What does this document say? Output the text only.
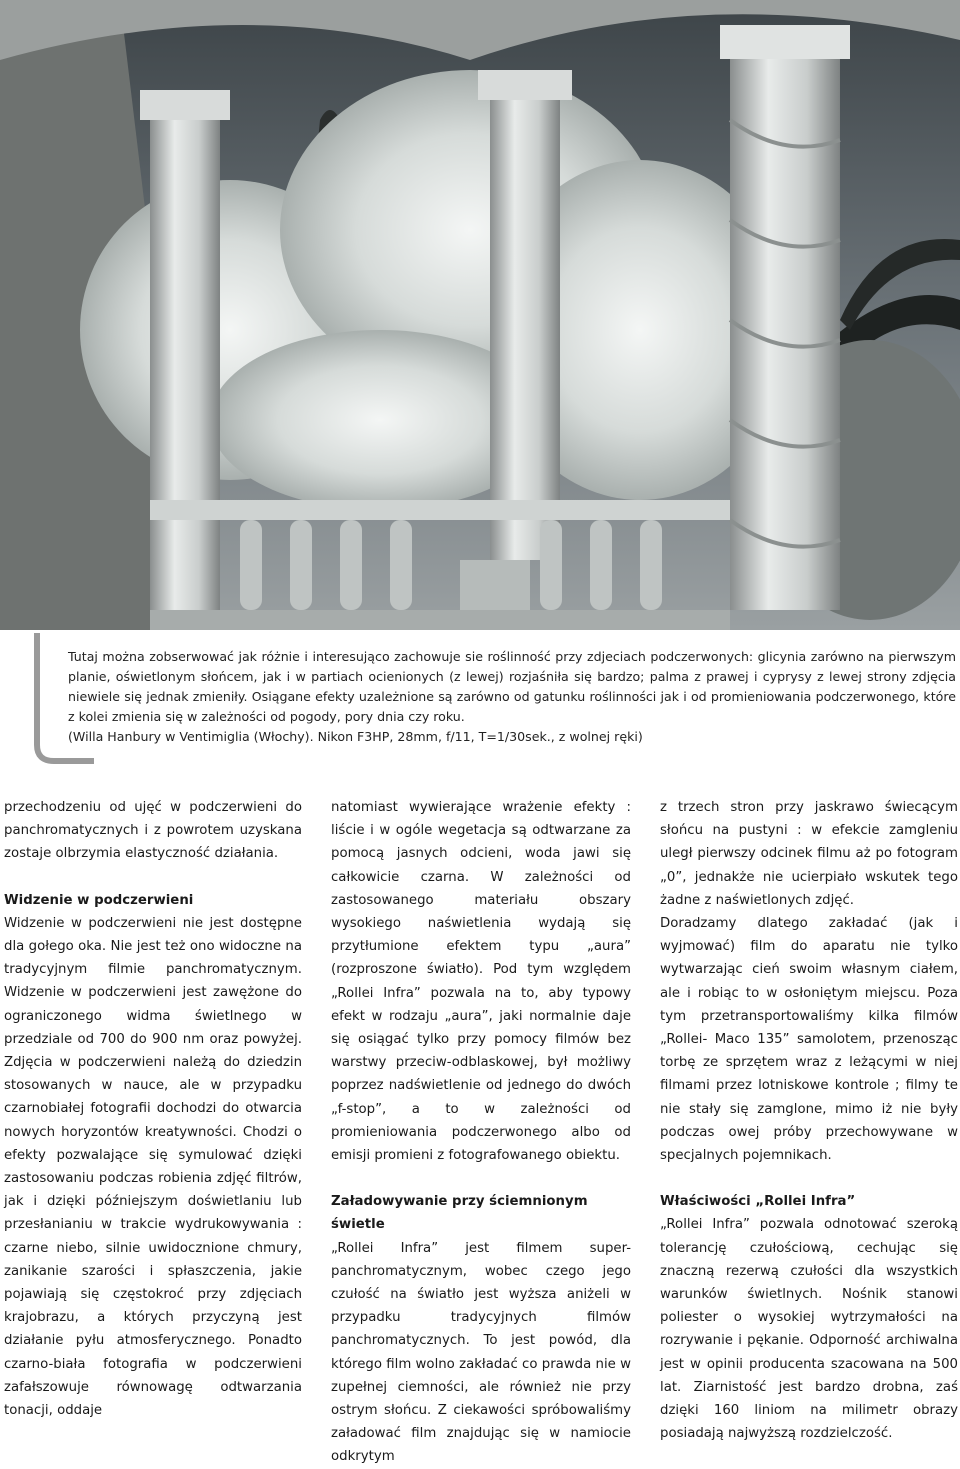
Tutaj można zobserwować jak różnie i interesująco zachowuje sie roślinność przy zdjeciach podczerwonych: glicynia zarówno na pierwszym planie, oświetlonym słońcem, jak i w partiach ocienionych (z lewej) rozjaśniła się bardzo; palma z prawej i cyprysy z lewej strony zdjęcia niewiele się jednak zmieniły. Osiągane efekty uzależnione są zarówno od gatunku roślinności jak i od promieniowania podczerwonego, które z kolei zmienia się w zależności od pogody, pory dnia czy roku.

(Willa Hanbury w Ventimiglia (Włochy). Nikon F3HP, 28mm, f/11, T=1/30sek., z wolnej ręki)

przechodzeniu od ujęć w podczerwieni do panchromatycznych i z powrotem uzyskana zostaje olbrzymia elastyczność działania.

Widzenie w podczerwieni

Widzenie w podczerwieni nie jest dostępne dla gołego oka. Nie jest też ono widoczne na tradycyjnym filmie panchromatycznym. Widzenie w podczerwieni jest zawężone do ograniczonego widma świetlnego w przedziale od 700 do 900 nm oraz powyżej. Zdjęcia w podczerwieni należą do dziedzin stosowanych w nauce, ale w przypadku czarnobiałej fotografii dochodzi do otwarcia nowych horyzontów kreatywności. Chodzi o efekty pozwalające się symulować dzięki zastosowaniu podczas robienia zdjęć filtrów, jak i dzięki późniejszym doświetlaniu lub przesłanianiu w trakcie wydrukowywania : czarne niebo, silnie uwidocznione chmury, zanikanie szarości i spłaszczenia, jakie pojawiają się częstokroć przy zdjęciach krajobrazu, a których przyczyną jest działanie pyłu atmosferycznego. Ponadto czarno-biała fotografia w podczerwieni zafałszowuje równowagę odtwarzania tonacji, oddaje

natomiast wywierające wrażenie efekty : liście i w ogóle wegetacja są odtwarzane za pomocą jasnych odcieni, woda jawi się całkowicie czarna. W zależności od zastosowanego materiału obszary wysokiego naświetlenia wydają się przytłumione efektem typu „aura” (rozproszone światło). Pod tym względem „Rollei Infra” pozwala na to, aby typowy efekt w rodzaju „aura”, jaki normalnie daje się osiągać tylko przy pomocy filmów bez warstwy przeciw-odblaskowej, był możliwy poprzez nadświetlenie od jednego do dwóch „f-stop”, a to w zależności od promieniowania podczerwonego albo od emisji promieni z fotografowanego obiektu.

Załadowywanie przy ściemnionym świetle

„Rollei Infra” jest filmem super-panchromatycznym, wobec czego jego czułość na światło jest wyższa aniżeli w przypadku tradycyjnych filmów panchromatycznych. To jest powód, dla którego film wolno zakładać co prawda nie w zupełnej ciemności, ale również nie przy ostrym słońcu. Z ciekawości spróbowaliśmy załadować film znajdując się w namiocie odkrytym

z trzech stron przy jaskrawo świecącym słońcu na pustyni : w efekcie zamgleniu uległ pierwszy odcinek filmu aż po fotogram „0”, jednakże nie ucierpiało wskutek tego żadne z naświetlonych zdjęć.

Doradzamy dlatego zakładać (jak i wyjmować) film do aparatu nie tylko wytwarzając cień swoim własnym ciałem, ale i robiąc to w osłoniętym miejscu. Poza tym przetransportowaliśmy kilka filmów „Rollei- Maco 135” samolotem, przenosząc torbę ze sprzętem wraz z leżącymi w niej filmami przez lotniskowe kontrole ; filmy te nie stały się zamglone, mimo iż nie były podczas owej próby przechowywane w specjalnych pojemnikach.

Właściwości „Rollei Infra”

„Rollei Infra” pozwala odnotować szeroką tolerancję czułościową, cechując się znaczną rezerwą czułości dla wszystkich warunków świetlnych. Nośnik stanowi poliester o wysokiej wytrzymałości na rozrywanie i pękanie. Odporność archiwalna jest w opinii producenta szacowana na 500 lat. Ziarnistość jest bardzo drobna, zaś dzięki 160 liniom na milimetr obrazy posiadają najwyższą rozdzielczość.
